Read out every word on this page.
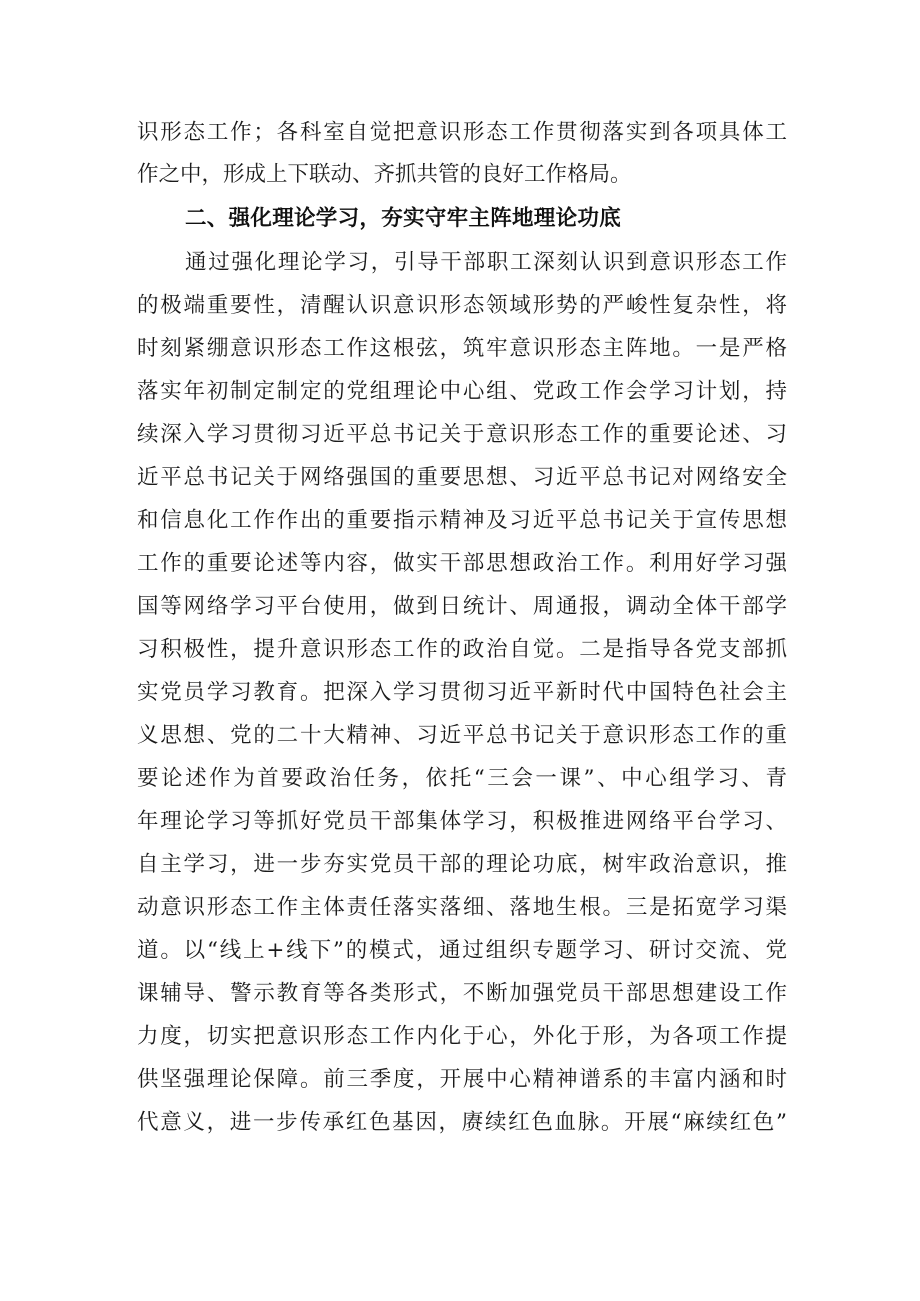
识形态工作；各科室自觉把意识形态工作贯彻落实到各项具体工
作之中，形成上下联动、齐抓共管的良好工作格局。
二、强化理论学习，夯实守牢主阵地理论功底
通过强化理论学习，引导干部职工深刻认识到意识形态工作
的极端重要性，清醒认识意识形态领域形势的严峻性复杂性，将
时刻紧绷意识形态工作这根弦，筑牢意识形态主阵地。一是严格
落实年初制定制定的党组理论中心组、党政工作会学习计划，持
续深入学习贯彻习近平总书记关于意识形态工作的重要论述、习
近平总书记关于网络强国的重要思想、习近平总书记对网络安全
和信息化工作作出的重要指示精神及习近平总书记关于宣传思想
工作的重要论述等内容，做实干部思想政治工作。利用好学习强
国等网络学习平台使用，做到日统计、周通报，调动全体干部学
习积极性，提升意识形态工作的政治自觉。二是指导各党支部抓
实党员学习教育。把深入学习贯彻习近平新时代中国特色社会主
义思想、党的二十大精神、习近平总书记关于意识形态工作的重
要论述作为首要政治任务，依托“三会一课”、中心组学习、青
年理论学习等抓好党员干部集体学习，积极推进网络平台学习、
自主学习，进一步夯实党员干部的理论功底，树牢政治意识，推
动意识形态工作主体责任落实落细、落地生根。三是拓宽学习渠
道。以“线上+线下”的模式，通过组织专题学习、研讨交流、党
课辅导、警示教育等各类形式，不断加强党员干部思想建设工作
力度，切实把意识形态工作内化于心，外化于形，为各项工作提
供坚强理论保障。前三季度，开展中心精神谱系的丰富内涵和时
代意义，进一步传承红色基因，赓续红色血脉。开展“麻续红色”
